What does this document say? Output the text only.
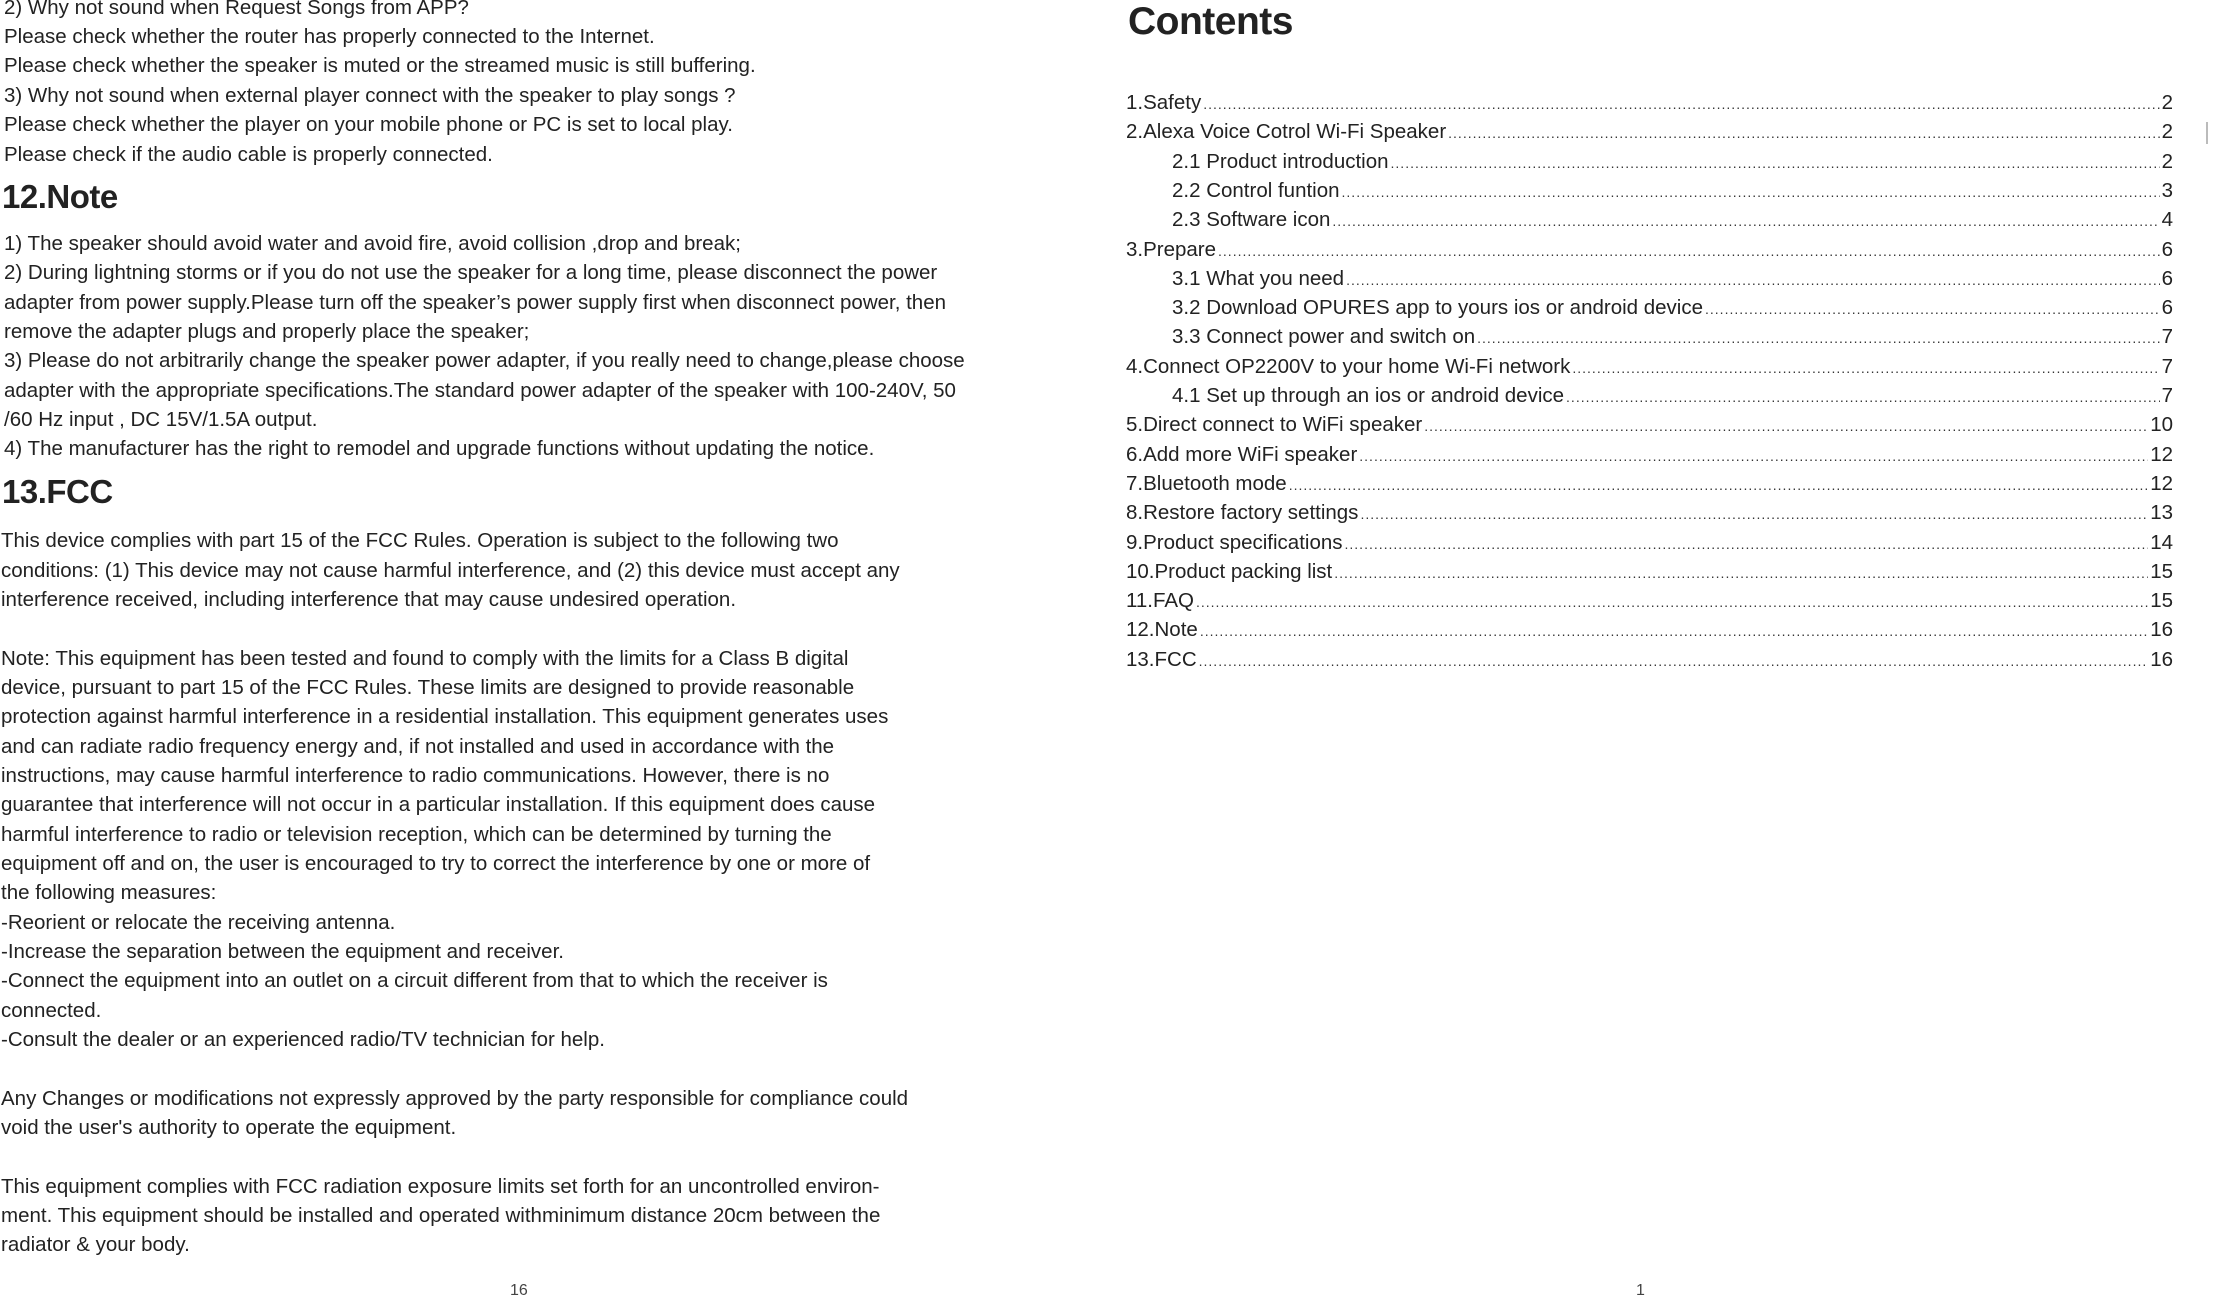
2) Why not sound when Request Songs from APP?
Please check whether the router has properly connected to the Internet.
Please check whether the speaker is muted or the streamed music is still buffering.
3) Why not sound when external player connect with the speaker to play songs ?
Please check whether the player on your mobile phone or PC is set to local play.
Please check if the audio cable is properly connected.
12.Note
1) The speaker should avoid water and avoid fire, avoid collision ,drop and break;
2) During lightning storms or if you do not use the speaker for a long time, please disconnect the power
adapter from power supply.Please turn off the speaker’s power supply first when disconnect power, then
remove the adapter plugs and properly place the speaker;
3) Please do not arbitrarily change the speaker power adapter, if you really need to change,please choose
adapter with the appropriate specifications.The standard power adapter of the speaker with 100-240V, 50
/60 Hz input , DC 15V/1.5A output.
4) The manufacturer has the right to remodel and upgrade functions without updating the notice.
13.FCC
This device complies with part 15 of the FCC Rules. Operation is subject to the following two
conditions: (1) This device may not cause harmful interference, and (2) this device must accept any
interference received, including interference that may cause undesired operation.
Note: This equipment has been tested and found to comply with the limits for a Class B digital
device, pursuant to part 15 of the FCC Rules. These limits are designed to provide reasonable
protection against harmful interference in a residential installation. This equipment generates uses
and can radiate radio frequency energy and, if not installed and used in accordance with the
instructions, may cause harmful interference to radio communications. However, there is no
guarantee that interference will not occur in a particular installation. If this equipment does cause
harmful interference to radio or television reception, which can be determined by turning the
equipment off and on, the user is encouraged to try to correct the interference by one or more of
the following measures:
-Reorient or relocate the receiving antenna.
-Increase the separation between the equipment and receiver.
-Connect the equipment into an outlet on a circuit different from that to which the receiver is
connected.
-Consult the dealer or an experienced radio/TV technician for help.
Any Changes or modifications not expressly approved by the party responsible for compliance could
void the user's authority to operate the equipment.
This equipment complies with FCC radiation exposure limits set forth for an uncontrolled environ-
ment. This equipment should be installed and operated withminimum distance 20cm between the
radiator & your body.
16
Contents
1.Safety .....	2
2.Alexa Voice Cotrol Wi-Fi Speaker .....	2
2.1 Product introduction .....	2
2.2 Control funtion .....	3
2.3 Software icon .....	4
3.Prepare .....	6
3.1 What you need .....	6
3.2 Download OPURES app to yours ios or android device .....	6
3.3 Connect power and switch on .....	7
4.Connect OP2200V to your home Wi-Fi network .....	7
4.1 Set up through an ios or android device .....	7
5.Direct connect to WiFi speaker .....	10
6.Add more WiFi speaker .....	12
7.Bluetooth mode .....	12
8.Restore factory settings .....	13
9.Product specifications .....	14
10.Product packing list .....	15
11.FAQ .....	15
12.Note .....	16
13.FCC .....	16
1
